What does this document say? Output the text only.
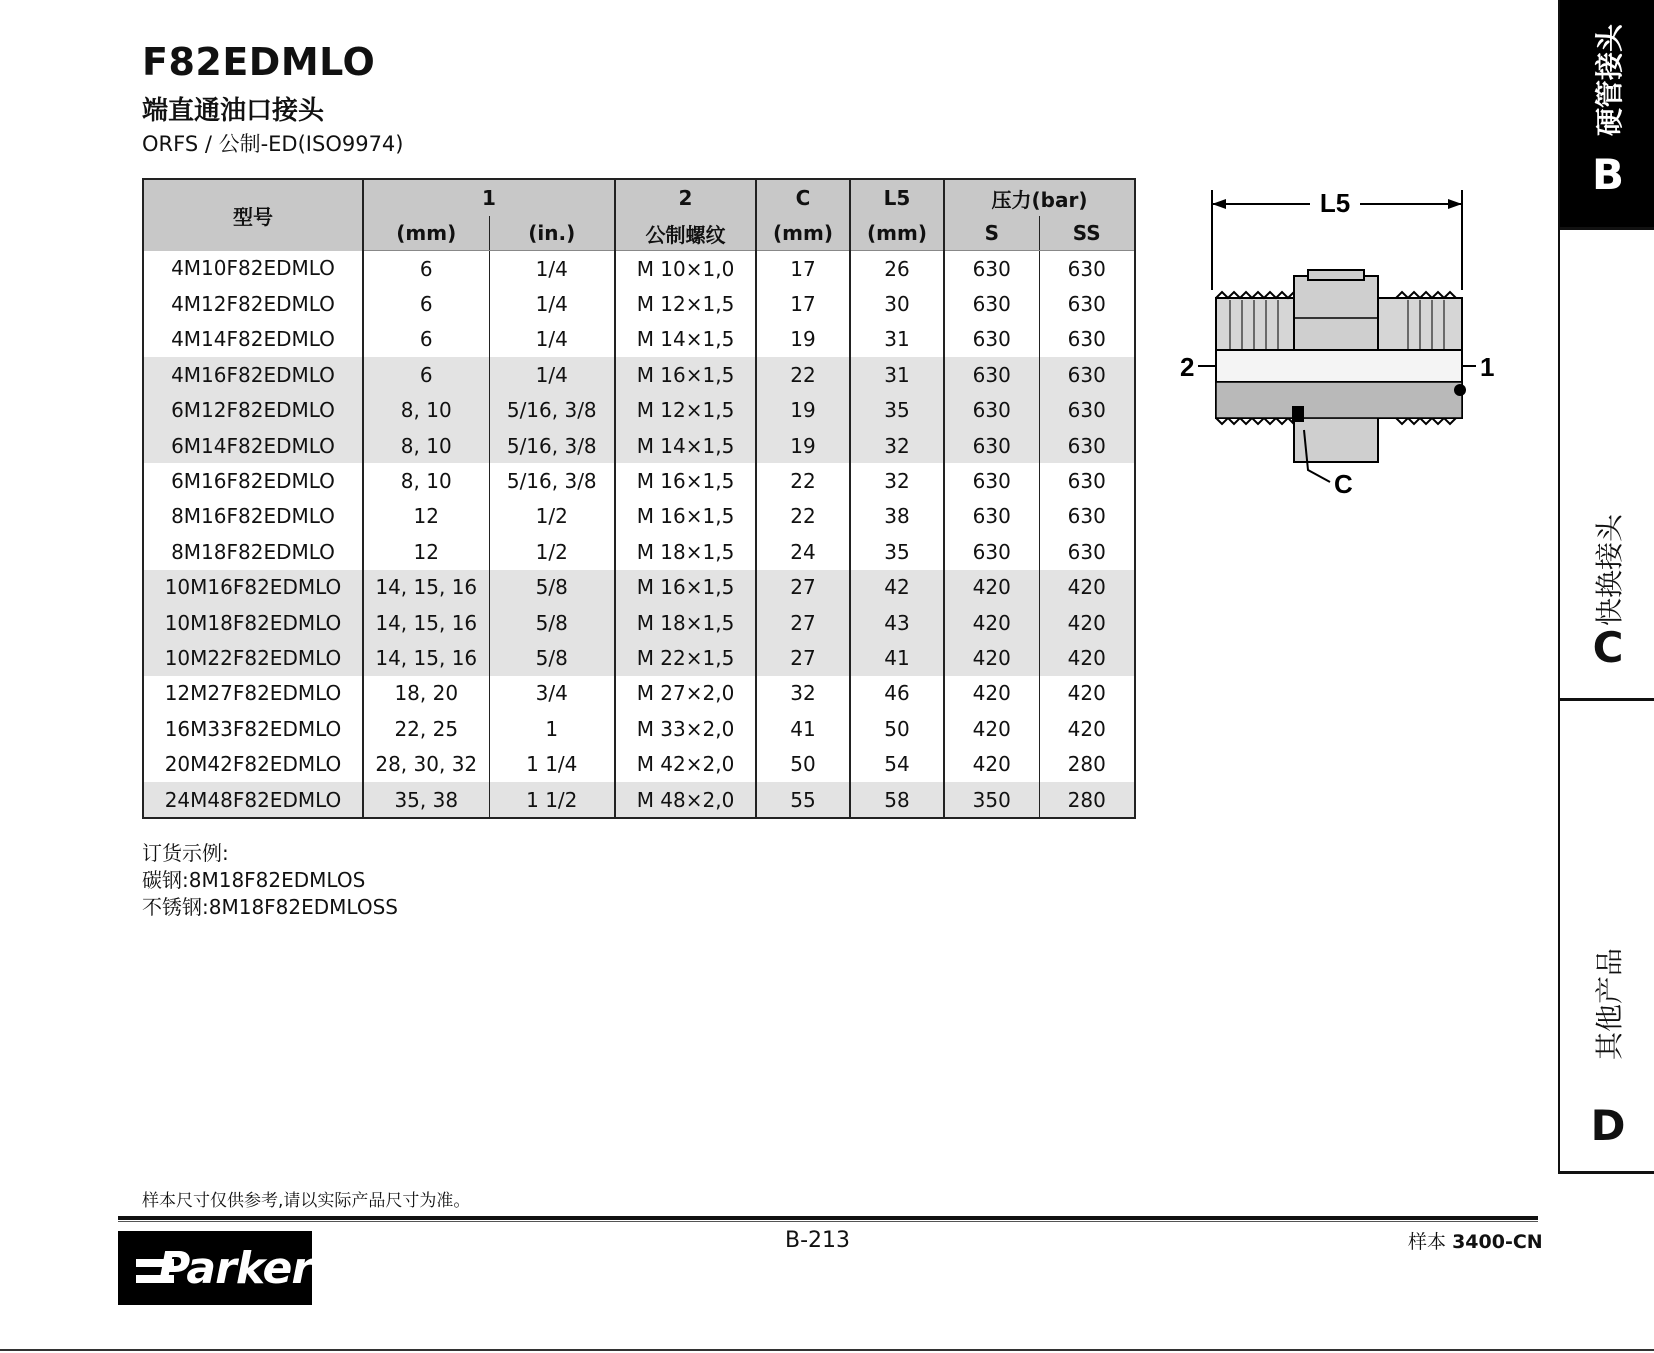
F82EDMLO
端直通油口接头
ORFS / 公制-ED(ISO9974)
型号	1		2	C	L5	压力(bar)	
	(mm)	(in.)	公制螺纹	(mm)	(mm)	S	SS
4M10F82EDMLO	6	1/4	M 10×1,0	17	26	630	630
4M12F82EDMLO	6	1/4	M 12×1,5	17	30	630	630
4M14F82EDMLO	6	1/4	M 14×1,5	19	31	630	630
4M16F82EDMLO	6	1/4	M 16×1,5	22	31	630	630
6M12F82EDMLO	8, 10	5/16, 3/8	M 12×1,5	19	35	630	630
6M14F82EDMLO	8, 10	5/16, 3/8	M 14×1,5	19	32	630	630
6M16F82EDMLO	8, 10	5/16, 3/8	M 16×1,5	22	32	630	630
8M16F82EDMLO	12	1/2	M 16×1,5	22	38	630	630
8M18F82EDMLO	12	1/2	M 18×1,5	24	35	630	630
10M16F82EDMLO	14, 15, 16	5/8	M 16×1,5	27	42	420	420
10M18F82EDMLO	14, 15, 16	5/8	M 18×1,5	27	43	420	420
10M22F82EDMLO	14, 15, 16	5/8	M 22×1,5	27	41	420	420
12M27F82EDMLO	18, 20	3/4	M 27×2,0	32	46	420	420
16M33F82EDMLO	22, 25	1	M 33×2,0	41	50	420	420
20M42F82EDMLO	28, 30, 32	1 1/4	M 42×2,0	50	54	420	280
24M48F82EDMLO	35, 38	1 1/2	M 48×2,0	55	58	350	280
L5
2	1
C
订货示例:
碳钢:8M18F82EDMLOS
不锈钢:8M18F82EDMLOSS
硬管接头
B
快换接头
C
其他产品
D
样本尺寸仅供参考,请以实际产品尺寸为准。
Parker
B-213	样本 3400-CN
